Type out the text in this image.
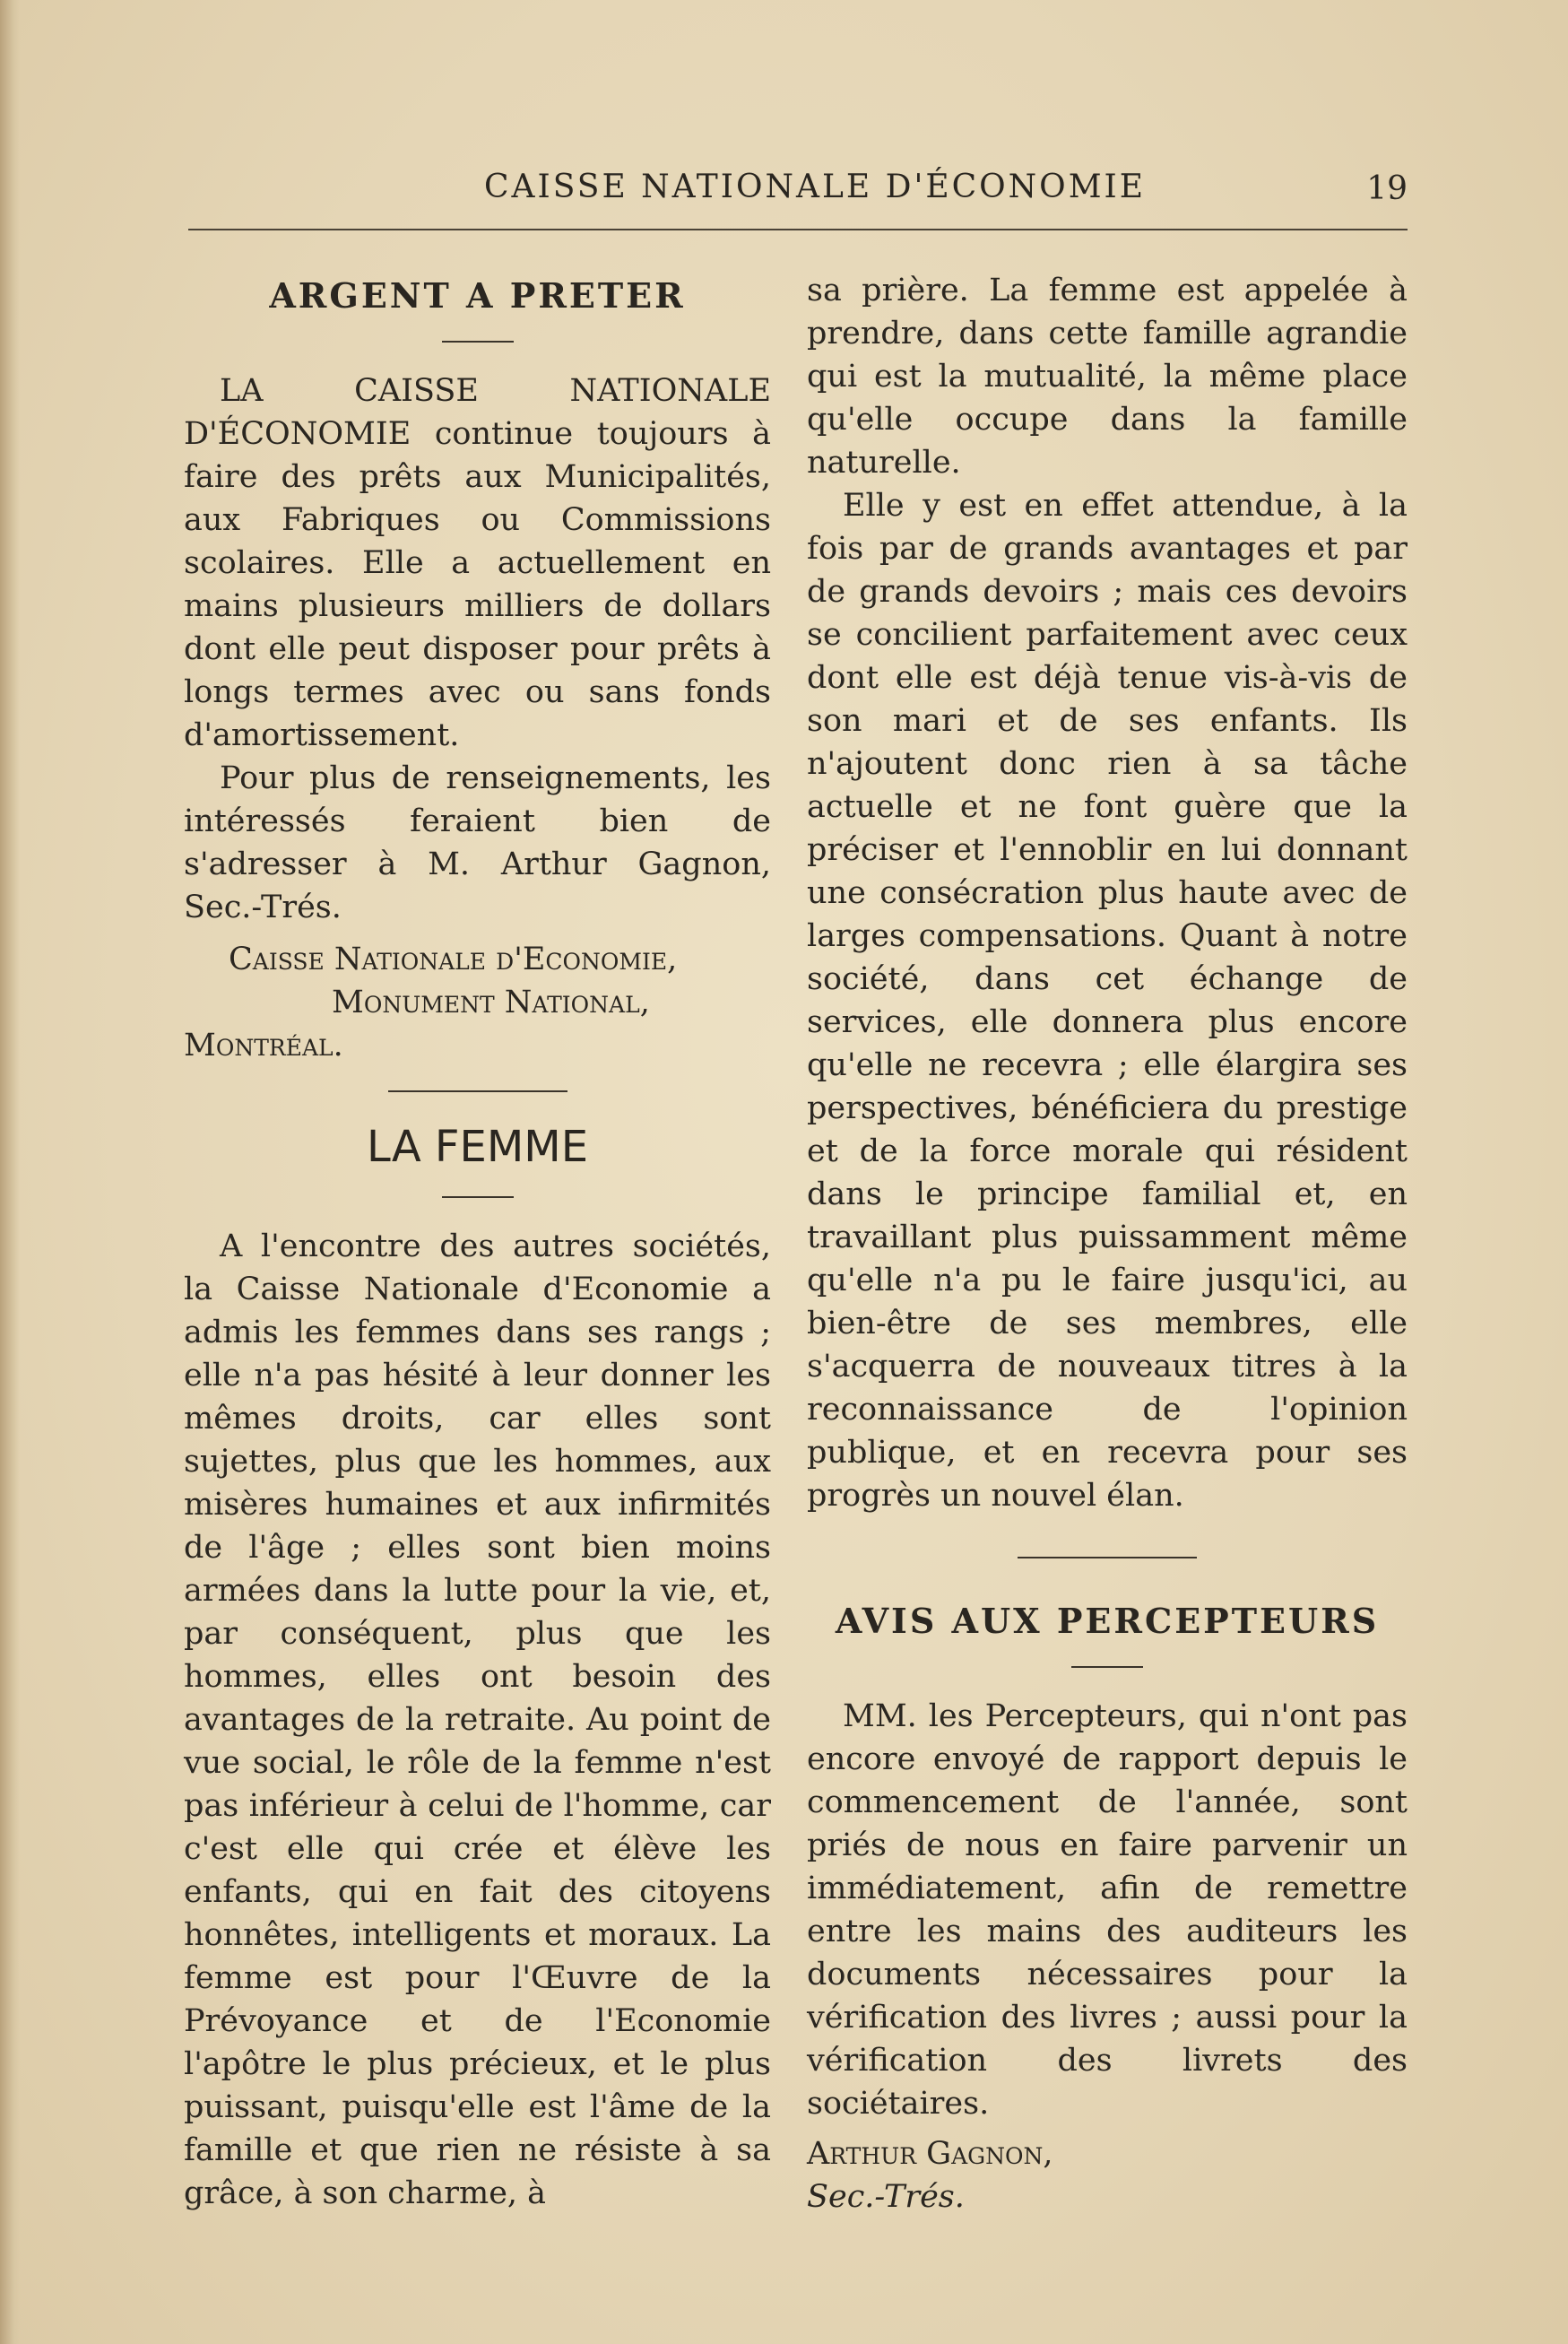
CAISSE NATIONALE D'ÉCONOMIE	19
ARGENT A PRETER

LA CAISSE NATIONALE D'ÉCONOMIE continue toujours à faire des prêts aux Municipalités, aux Fabriques ou Commissions scolaires. Elle a actuellement en mains plusieurs milliers de dollars dont elle peut disposer pour prêts à longs termes avec ou sans fonds d'amortissement.

Pour plus de renseignements, les intéressés feraient bien de s'adresser à M. Arthur Gagnon, Sec.-Trés.

Caisse Nationale d'Economie,

Monument National,

Montréal.

LA FEMME

A l'encontre des autres sociétés, la Caisse Nationale d'Economie a admis les femmes dans ses rangs ; elle n'a pas hésité à leur donner les mêmes droits, car elles sont sujettes, plus que les hommes, aux misères humaines et aux infirmités de l'âge ; elles sont bien moins armées dans la lutte pour la vie, et, par conséquent, plus que les hommes, elles ont besoin des avantages de la retraite. Au point de vue social, le rôle de la femme n'est pas inférieur à celui de l'homme, car c'est elle qui crée et élève les enfants, qui en fait des citoyens honnêtes, intelligents et moraux. La femme est pour l'Œuvre de la Prévoyance et de l'Economie l'apôtre le plus précieux, et le plus puissant, puisqu'elle est l'âme de la famille et que rien ne résiste à sa grâce, à son charme, à

sa prière. La femme est appelée à prendre, dans cette famille agrandie qui est la mutualité, la même place qu'elle occupe dans la famille naturelle.

Elle y est en effet attendue, à la fois par de grands avantages et par de grands devoirs ; mais ces devoirs se concilient parfaitement avec ceux dont elle est déjà tenue vis-à-vis de son mari et de ses enfants. Ils n'ajoutent donc rien à sa tâche actuelle et ne font guère que la préciser et l'ennoblir en lui donnant une consécration plus haute avec de larges compensations. Quant à notre société, dans cet échange de services, elle donnera plus encore qu'elle ne recevra ; elle élargira ses perspectives, bénéficiera du prestige et de la force morale qui résident dans le principe familial et, en travaillant plus puissamment même qu'elle n'a pu le faire jusqu'ici, au bien-être de ses membres, elle s'acquerra de nouveaux titres à la reconnaissance de l'opinion publique, et en recevra pour ses progrès un nouvel élan.

AVIS AUX PERCEPTEURS

MM. les Percepteurs, qui n'ont pas encore envoyé de rapport depuis le commencement de l'année, sont priés de nous en faire parvenir un immédiatement, afin de remettre entre les mains des auditeurs les documents nécessaires pour la vérification des livres ; aussi pour la vérification des livrets des sociétaires.

Arthur Gagnon,

Sec.-Trés.
